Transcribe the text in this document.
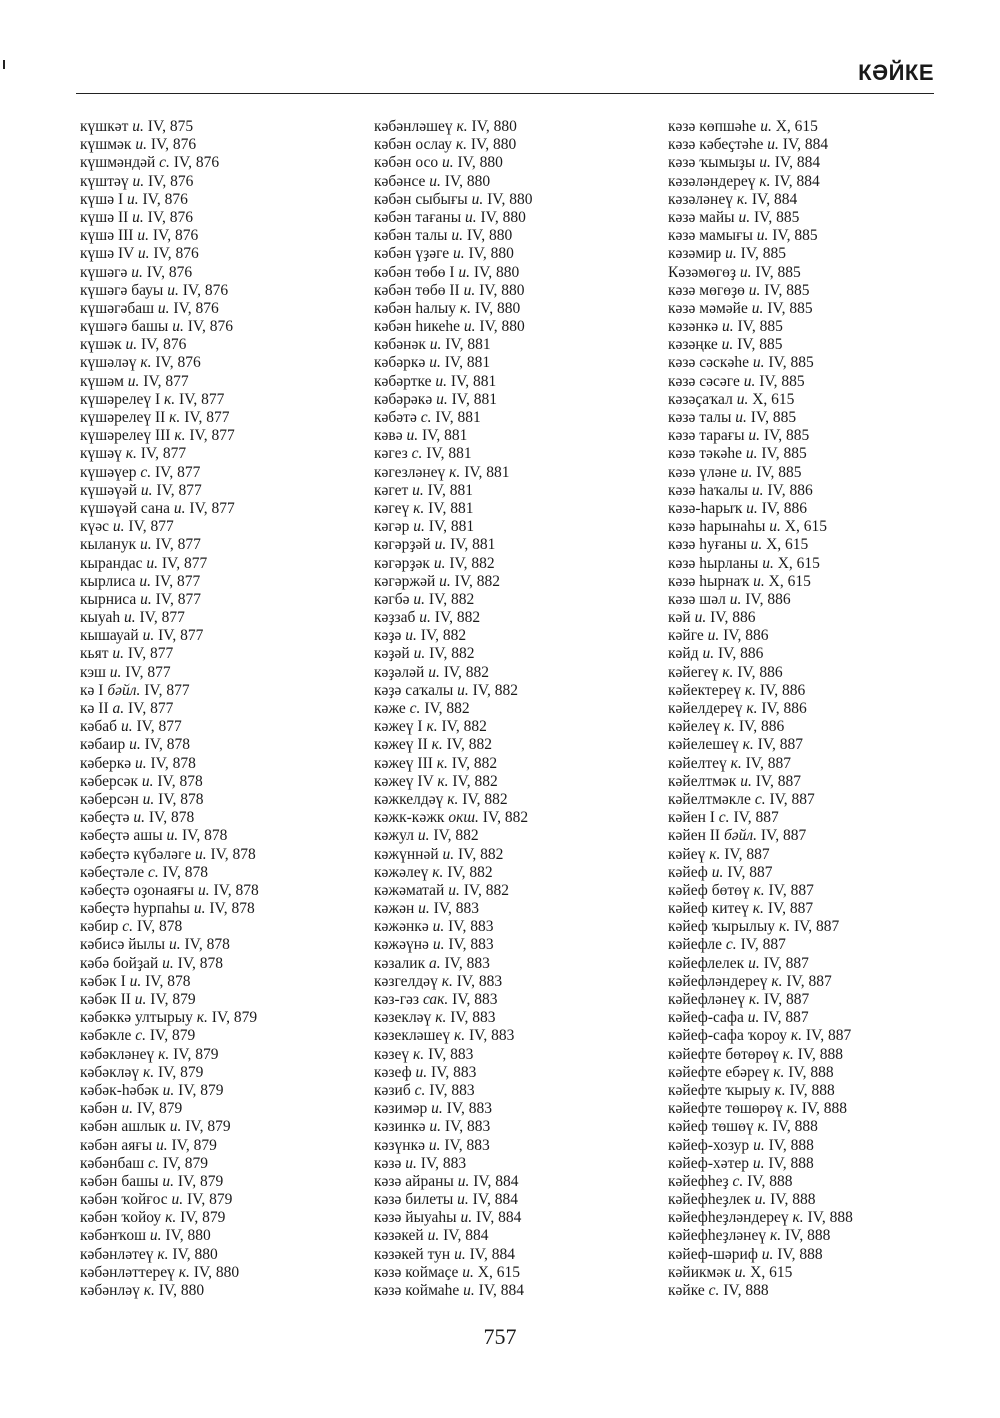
КӘЙКЕ
күшкәт и. IV, 875
күшмәк и. IV, 876
күшмәндәй с. IV, 876
күштәү и. IV, 876
күшә I и. IV, 876
күшә II и. IV, 876
күшә III и. IV, 876
күшә IV и. IV, 876
күшәгә и. IV, 876
күшәгә бауы и. IV, 876
күшәгәбаш и. IV, 876
күшәгә башы и. IV, 876
күшәк и. IV, 876
күшәләү к. IV, 876
күшәм и. IV, 877
күшәрелеү I к. IV, 877
күшәрелеү II к. IV, 877
күшәрелеү III к. IV, 877
күшәү к. IV, 877
күшәүер с. IV, 877
күшәүәй и. IV, 877
күшәүәй сана и. IV, 877
күәс и. IV, 877
кыланук и. IV, 877
кырандас и. IV, 877
кырлиса и. IV, 877
кырниса и. IV, 877
кыуаһ и. IV, 877
кышауай и. IV, 877
кьят и. IV, 877
кэш и. IV, 877
кә I бәйл. IV, 877
кә II а. IV, 877
кәбаб и. IV, 877
кәбаир и. IV, 878
кәберкә и. IV, 878
кәберсәк и. IV, 878
кәберсән и. IV, 878
кәбеҫтә и. IV, 878
кәбеҫтә ашы и. IV, 878
кәбеҫтә күбәләге и. IV, 878
кәбеҫтәле с. IV, 878
кәбеҫтә оҙонаяғы и. IV, 878
кәбеҫтә һурпаһы и. IV, 878
кәбир с. IV, 878
кәбисә йылы и. IV, 878
кәбә бойҙай и. IV, 878
кәбәк I и. IV, 878
кәбәк II и. IV, 879
кәбәккә ултырыу к. IV, 879
кәбәкле с. IV, 879
кәбәкләнеү к. IV, 879
кәбәкләү к. IV, 879
кәбәк-һәбәк и. IV, 879
кәбән и. IV, 879
кәбән ашлык и. IV, 879
кәбән аяғы и. IV, 879
кәбәнбаш с. IV, 879
кәбән башы и. IV, 879
кәбән ҡойғос и. IV, 879
кәбән ҡойоу к. IV, 879
кәбәнҡош и. IV, 880
кәбәнләтеү к. IV, 880
кәбәнләттереү к. IV, 880
кәбәнләү к. IV, 880
кәбәнләшеү к. IV, 880
кәбән ослау к. IV, 880
кәбән осо и. IV, 880
кәбәнсе и. IV, 880
кәбән сыбығы и. IV, 880
кәбән тағаны и. IV, 880
кәбән талы и. IV, 880
кәбән үҙәге и. IV, 880
кәбән төбө I и. IV, 880
кәбән төбө II и. IV, 880
кәбән һалыу к. IV, 880
кәбән һикеһе и. IV, 880
кәбәнәк и. IV, 881
кәбәркә и. IV, 881
кәбәртке и. IV, 881
кәбәрәкә и. IV, 881
кәбәтә с. IV, 881
кәвә и. IV, 881
кәгез с. IV, 881
кәгезләнеү к. IV, 881
кәгет и. IV, 881
кәгеү к. IV, 881
кәгәр и. IV, 881
кәгәрҙәй и. IV, 881
кәгәрҙәк и. IV, 882
кәгәржәй и. IV, 882
кәгбә и. IV, 882
кәҙзаб и. IV, 882
кәҙә и. IV, 882
кәҙәй и. IV, 882
кәҙәләй и. IV, 882
кәҙә саҡалы и. IV, 882
кәже с. IV, 882
кәжеү I к. IV, 882
кәжеү II к. IV, 882
кәжеү III к. IV, 882
кәжеү IV к. IV, 882
кәжкелдәү к. IV, 882
кәжк-кәжк окш. IV, 882
кәжул и. IV, 882
кәжүннәй и. IV, 882
кәжәлеү к. IV, 882
кәжәматай и. IV, 882
кәжән и. IV, 883
кәжәнкә и. IV, 883
кәжәүнә и. IV, 883
кәзалик а. IV, 883
кәзгелдәү к. IV, 883
кәз-гәз сак. IV, 883
кәзекләү к. IV, 883
кәзекләшеү к. IV, 883
кәзеү к. IV, 883
кәзеф и. IV, 883
кәзиб с. IV, 883
кәзимәр и. IV, 883
кәзинкә и. IV, 883
кәзүнкә и. IV, 883
кәзә и. IV, 883
кәзә айраны и. IV, 884
кәзә билеты и. IV, 884
кәзә йыуаһы и. IV, 884
кәзәкей и. IV, 884
кәзәкей тун и. IV, 884
кәзә коймаҫе и. X, 615
кәзә коймаһе и. IV, 884
кәзә көпшәһе и. X, 615
кәзә кәбеҫтәһе и. IV, 884
кәзә ҡымыҙы и. IV, 884
кәзәләндереү к. IV, 884
кәзәләнеү к. IV, 884
кәзә майы и. IV, 885
кәзә мамығы и. IV, 885
кәзәмир и. IV, 885
Кәзәмөгөҙ и. IV, 885
кәзә мөгөҙө и. IV, 885
кәзә мәмәйе и. IV, 885
кәзәнкә и. IV, 885
кәзәңке и. IV, 885
кәзә сәскәһе и. IV, 885
кәзә сәсәге и. IV, 885
кәзәҫаҡал и. X, 615
кәзә талы и. IV, 885
кәзә тарағы и. IV, 885
кәзә тәкәһе и. IV, 885
кәзә үләне и. IV, 885
кәзә һаҡалы и. IV, 886
кәзә-һарыҡ и. IV, 886
кәзә һарынаһы и. X, 615
кәзә һуғаны и. X, 615
кәзә һырланы и. X, 615
кәзә һырнаҡ и. X, 615
кәзә шәл и. IV, 886
кәй и. IV, 886
кәйге и. IV, 886
кәйд и. IV, 886
кәйегеү к. IV, 886
кәйектереү к. IV, 886
кәйелдереү к. IV, 886
кәйелеү к. IV, 886
кәйелешеү к. IV, 887
кәйелтеү к. IV, 887
кәйелтмәк и. IV, 887
кәйелтмәкле с. IV, 887
кәйен I с. IV, 887
кәйен II бәйл. IV, 887
кәйеү к. IV, 887
кәйеф и. IV, 887
кәйеф бөтөү к. IV, 887
кәйеф китеү к. IV, 887
кәйеф ҡырылыу к. IV, 887
кәйефле с. IV, 887
кәйефлелек и. IV, 887
кәйефләндереү к. IV, 887
кәйефләнеү к. IV, 887
кәйеф-сафа и. IV, 887
кәйеф-сафа ҡороу к. IV, 887
кәйефте бөтөрөү к. IV, 888
кәйефте ебәреү к. IV, 888
кәйефте ҡырыу к. IV, 888
кәйефте төшөрөү к. IV, 888
кәйеф төшөү к. IV, 888
кәйеф-хозур и. IV, 888
кәйеф-хәтер и. IV, 888
кәйефһеҙ с. IV, 888
кәйефһеҙлек и. IV, 888
кәйефһеҙләндереү к. IV, 888
кәйефһеҙләнеү к. IV, 888
кәйеф-шәриф и. IV, 888
кәйикмәк и. X, 615
кәйке с. IV, 888
757
